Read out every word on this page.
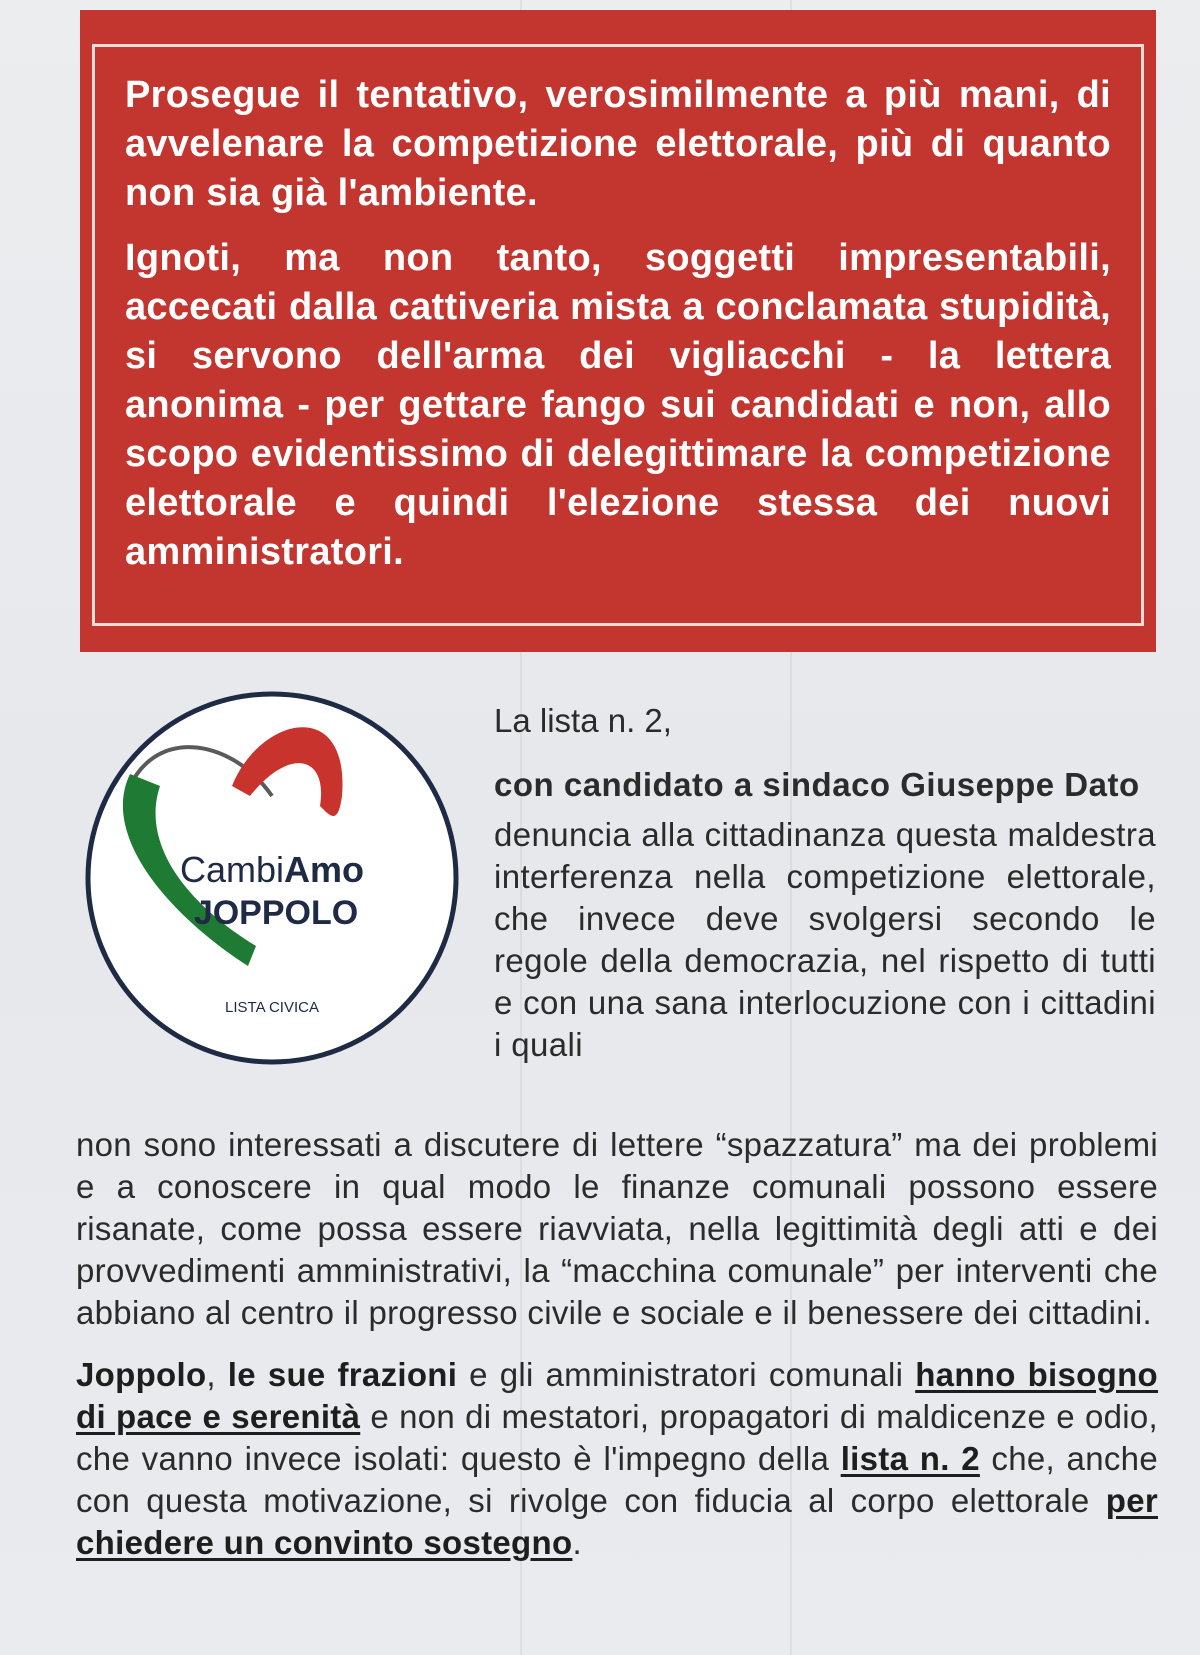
Prosegue il tentativo, verosimilmente a più mani, di avvelenare la competizione elettorale, più di quanto non sia già l'ambiente.

Ignoti, ma non tanto, soggetti impresentabili, accecati dalla cattiveria mista a conclamata stupidità, si servono dell'arma dei vigliacchi - la lettera anonima - per gettare fango sui candidati e non, allo scopo evidentissimo di delegittimare la competizione elettorale e quindi l'elezione stessa dei nuovi amministratori.

CambiAmo
JOPPOLO
LISTA CIVICA

La lista n. 2,

con candidato a sindaco Giuseppe Dato

denuncia alla cittadinanza questa maldestra interferenza nella competizione elettorale, che invece deve svolgersi secondo le regole della democrazia, nel rispetto di tutti e con una sana interlocuzione con i cittadini i quali

non sono interessati a discutere di lettere “spazzatura” ma dei problemi e a conoscere in qual modo le finanze comunali possono essere risanate, come possa essere riavviata, nella legittimità degli atti e dei provvedimenti amministrativi, la “macchina comunale” per interventi che abbiano al centro il progresso civile e sociale e il benessere dei cittadini.

Joppolo, le sue frazioni e gli amministratori comunali hanno bisogno di pace e serenità e non di mestatori, propagatori di maldicenze e odio, che vanno invece isolati: questo è l'impegno della lista n. 2 che, anche con questa motivazione, si rivolge con fiducia al corpo elettorale per chiedere un convinto sostegno.
